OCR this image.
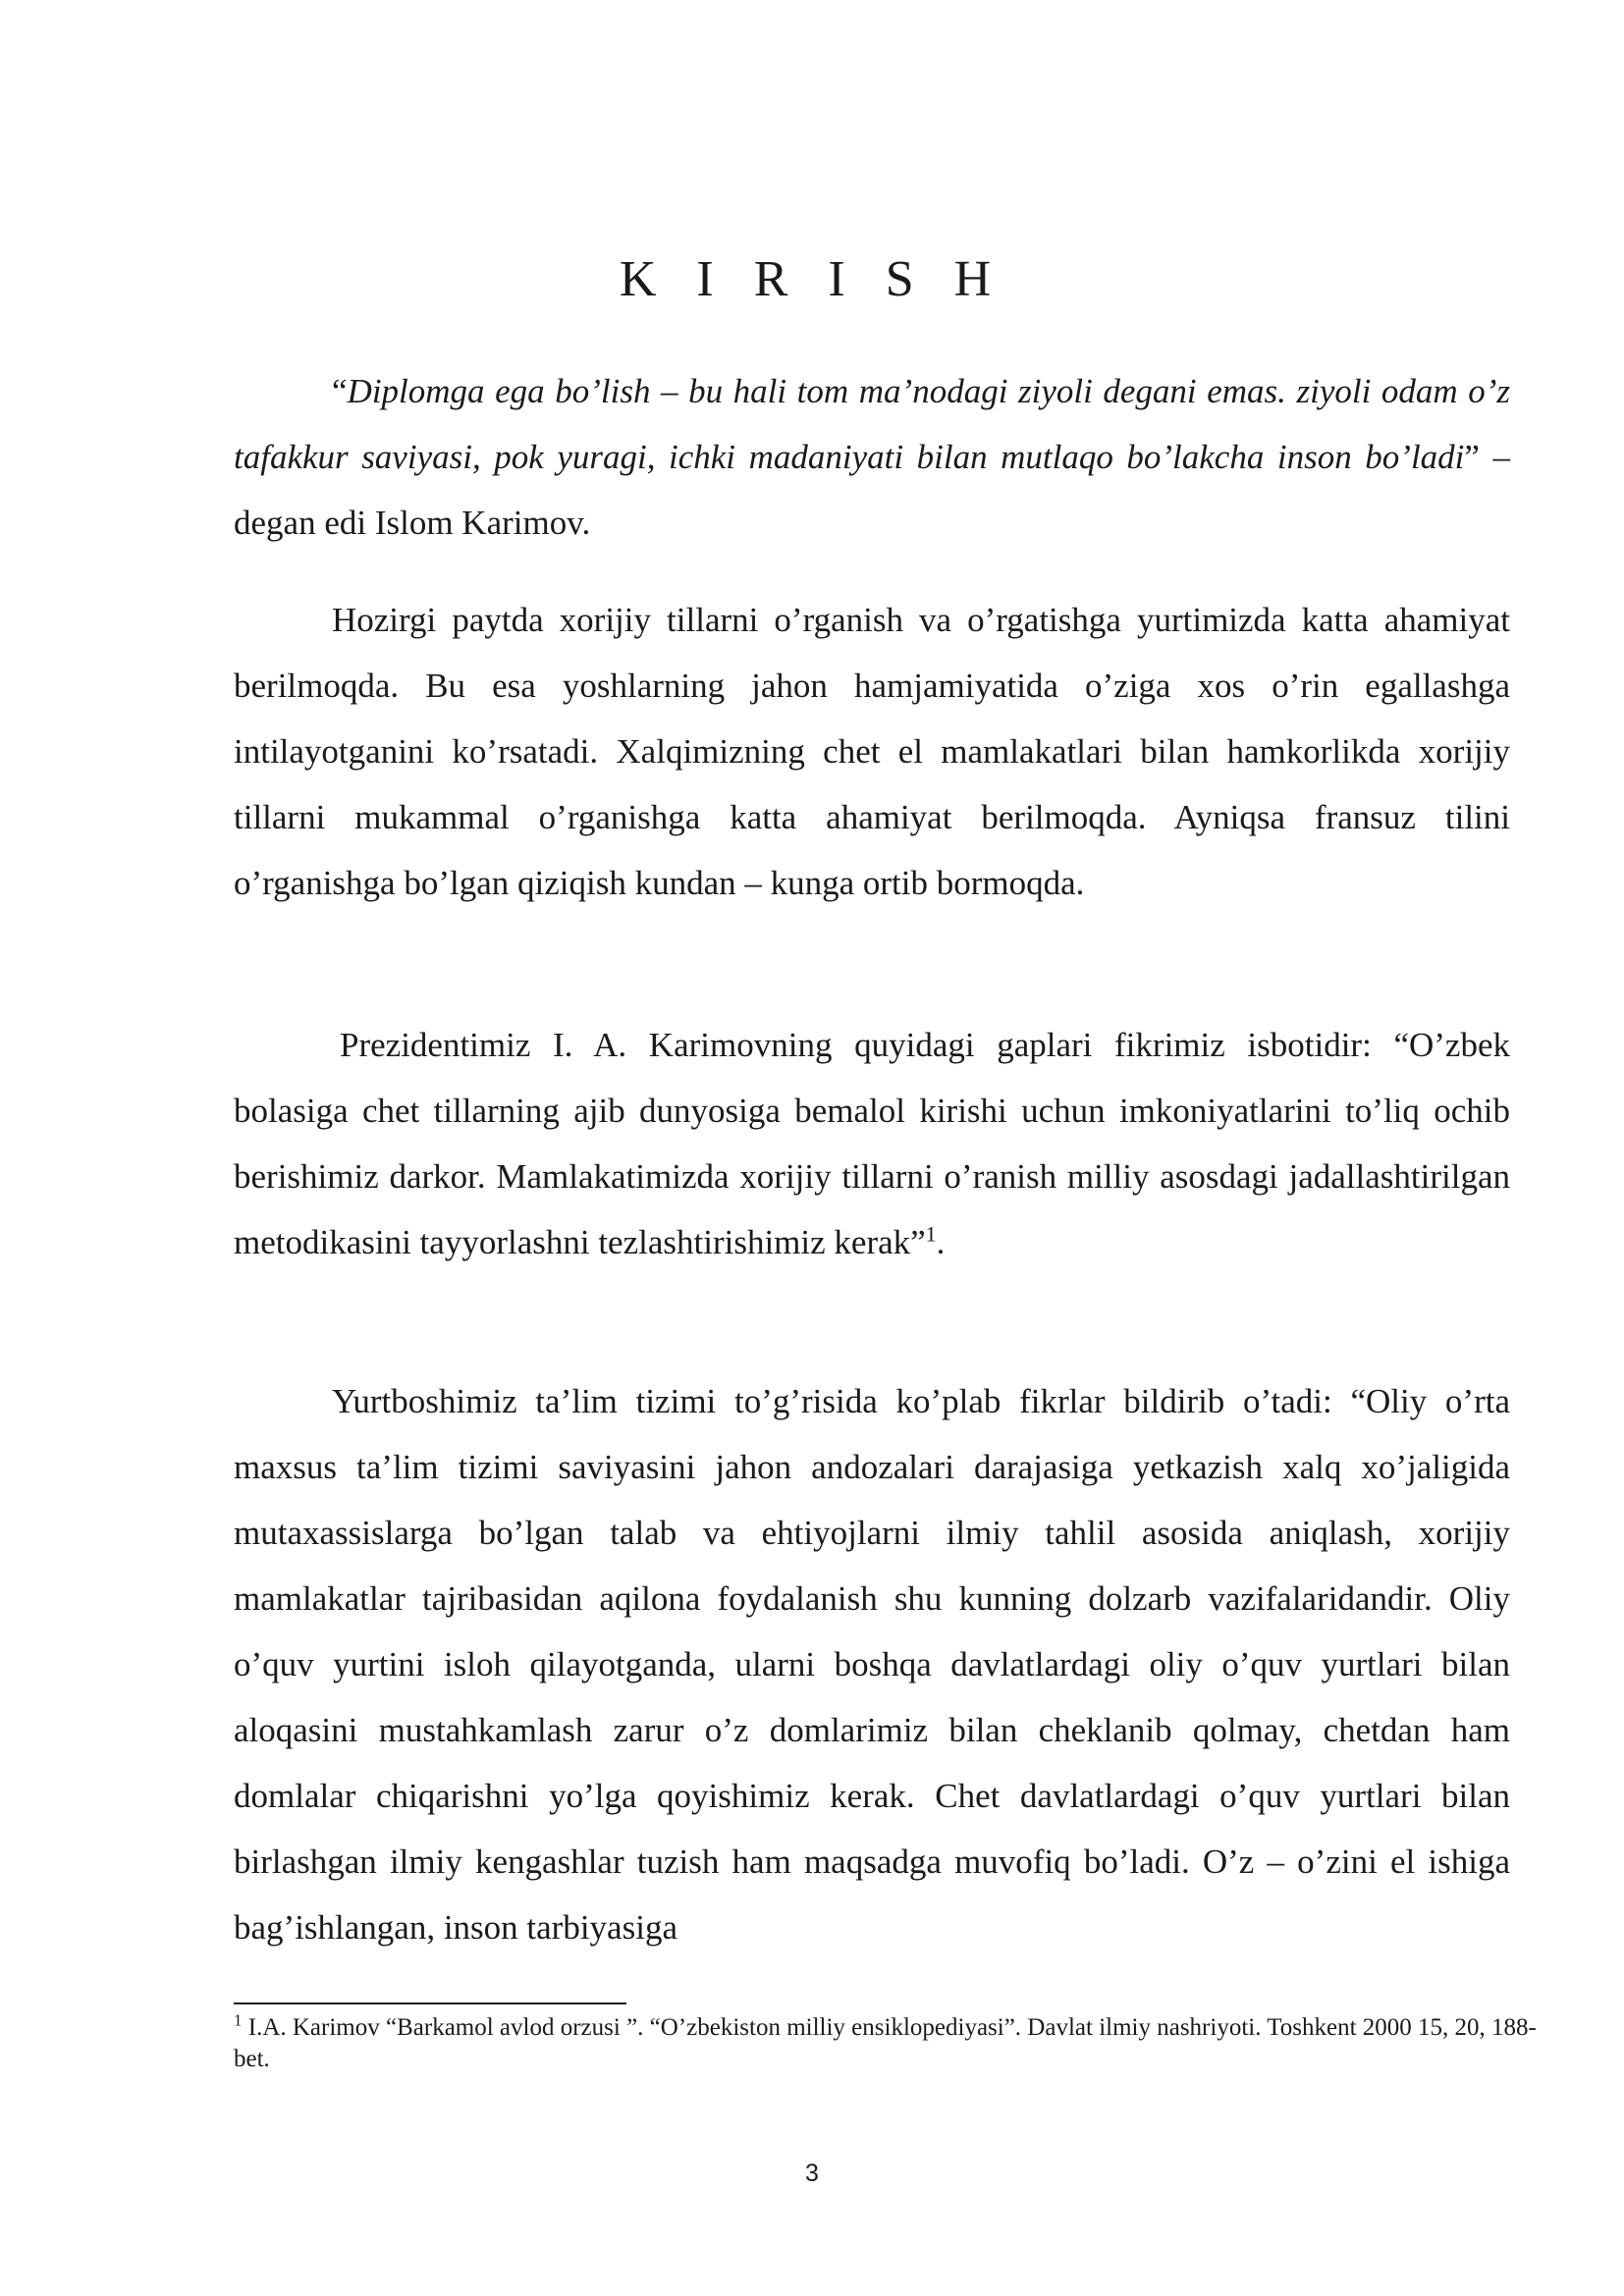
K I R I S H

“Diplomga ega bo’lish – bu hali tom ma’nodagi ziyoli degani emas. ziyoli odam o’z tafakkur saviyasi, pok yuragi, ichki madaniyati bilan mutlaqo bo’lakcha inson bo’ladi” – degan edi Islom Karimov.

Hozirgi paytda xorijiy tillarni o’rganish va o’rgatishga yurtimizda katta ahamiyat berilmoqda. Bu esa yoshlarning jahon hamjamiyatida o’ziga xos o’rin egallashga intilayotganini ko’rsatadi. Xalqimizning chet el mamlakatlari bilan hamkorlikda xorijiy tillarni mukammal o’rganishga katta ahamiyat berilmoqda. Ayniqsa fransuz tilini o’rganishga bo’lgan qiziqish kundan – kunga ortib bormoqda.

Prezidentimiz I. A. Karimovning quyidagi gaplari fikrimiz isbotidir: “O’zbek bolasiga chet tillarning ajib dunyosiga bemalol kirishi uchun imkoniyatlarini to’liq ochib berishimiz darkor. Mamlakatimizda xorijiy tillarni o’ranish milliy asosdagi jadallashtirilgan metodikasini tayyorlashni tezlashtirishimiz kerak”$^1$.

Yurtboshimiz ta’lim tizimi to’g’risida ko’plab fikrlar bildirib o’tadi: “Oliy o’rta maxsus ta’lim tizimi saviyasini jahon andozalari darajasiga yetkazish xalq xo’jaligida mutaxassislarga bo’lgan talab va ehtiyojlarni ilmiy tahlil asosida aniqlash, xorijiy mamlakatlar tajribasidan aqilona foydalanish shu kunning dolzarb vazifalaridandir. Oliy o’quv yurtini isloh qilayotganda, ularni boshqa davlatlardagi oliy o’quv yurtlari bilan aloqasini mustahkamlash zarur o’z domlarimiz bilan cheklanib qolmay, chetdan ham domlalar chiqarishni yo’lga qoyishimiz kerak. Chet davlatlardagi o’quv yurtlari bilan birlashgan ilmiy kengashlar tuzish ham maqsadga muvofiq bo’ladi. O’z – o’zini el ishiga bag’ishlangan, inson tarbiyasiga

$^1$ I.A. Karimov “Barkamol avlod orzusi ”. “O’zbekiston milliy ensiklopediyasi”. Davlat ilmiy nashriyoti. Toshkent 2000 15, 20, 188-bet.
3
